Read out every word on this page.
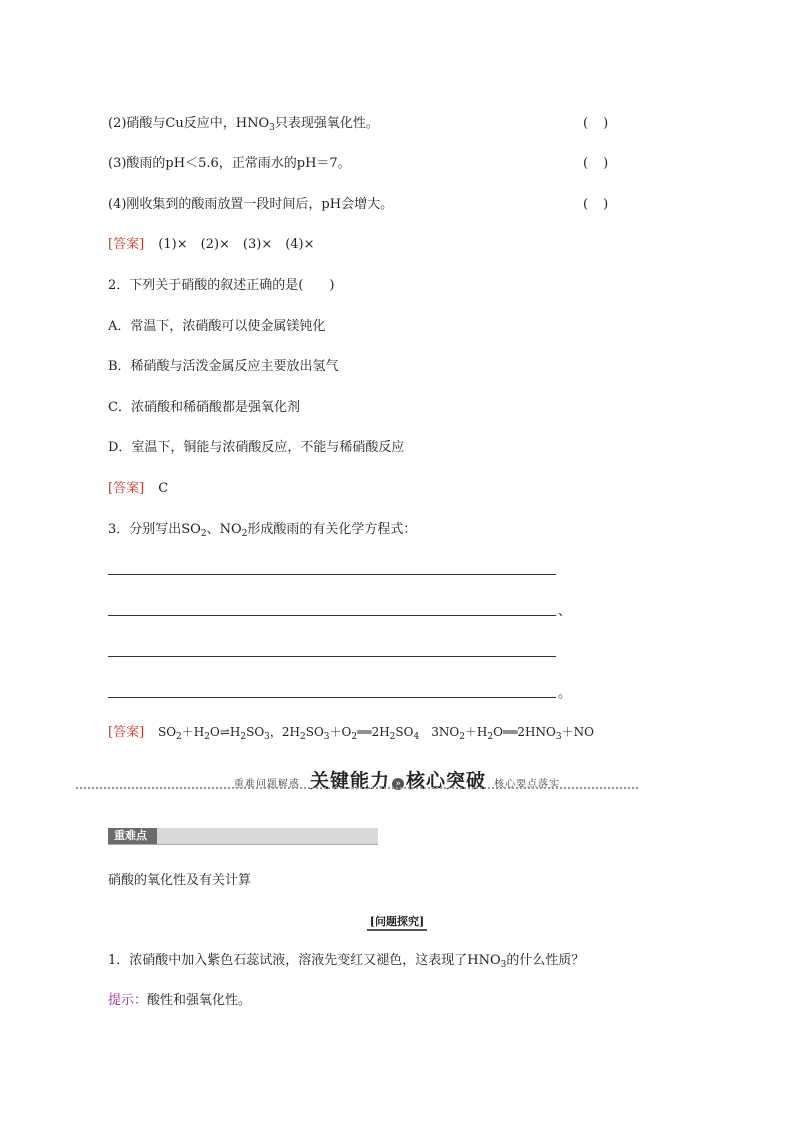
(2)硝酸与Cu反应中，$HNO_3$只表现强氧化性。	(　)
(3)酸雨的pH＜5.6，正常雨水的pH＝7。	(　)
(4)刚收集到的酸雨放置一段时间后，pH会增大。	(　)
[答案] (1)×　(2)×　(3)×　(4)×
2．下列关于硝酸的叙述正确的是(　　)
A．常温下，浓硝酸可以使金属镁钝化
B．稀硝酸与活泼金属反应主要放出氢气
C．浓硝酸和稀硝酸都是强氧化剂
D．室温下，铜能与浓硝酸反应，不能与稀硝酸反应
[答案] C
3．分别写出$SO_2$、$NO_2$形成酸雨的有关化学方程式：
、
。
[答案] $SO_2+H_2O\rightleftharpoons H_2SO_3$，$2H_2SO_3+O_2══2H_2SO_4$　$3NO_2+H_2O══2HNO_3+NO$
重难问题解惑 关键能力 » 核心突破 核心要点落实
重难点
硝酸的氧化性及有关计算
[问题探究]
1．浓硝酸中加入紫色石蕊试液，溶液先变红又褪色，这表现了$HNO_3$的什么性质？
提示：酸性和强氧化性。
